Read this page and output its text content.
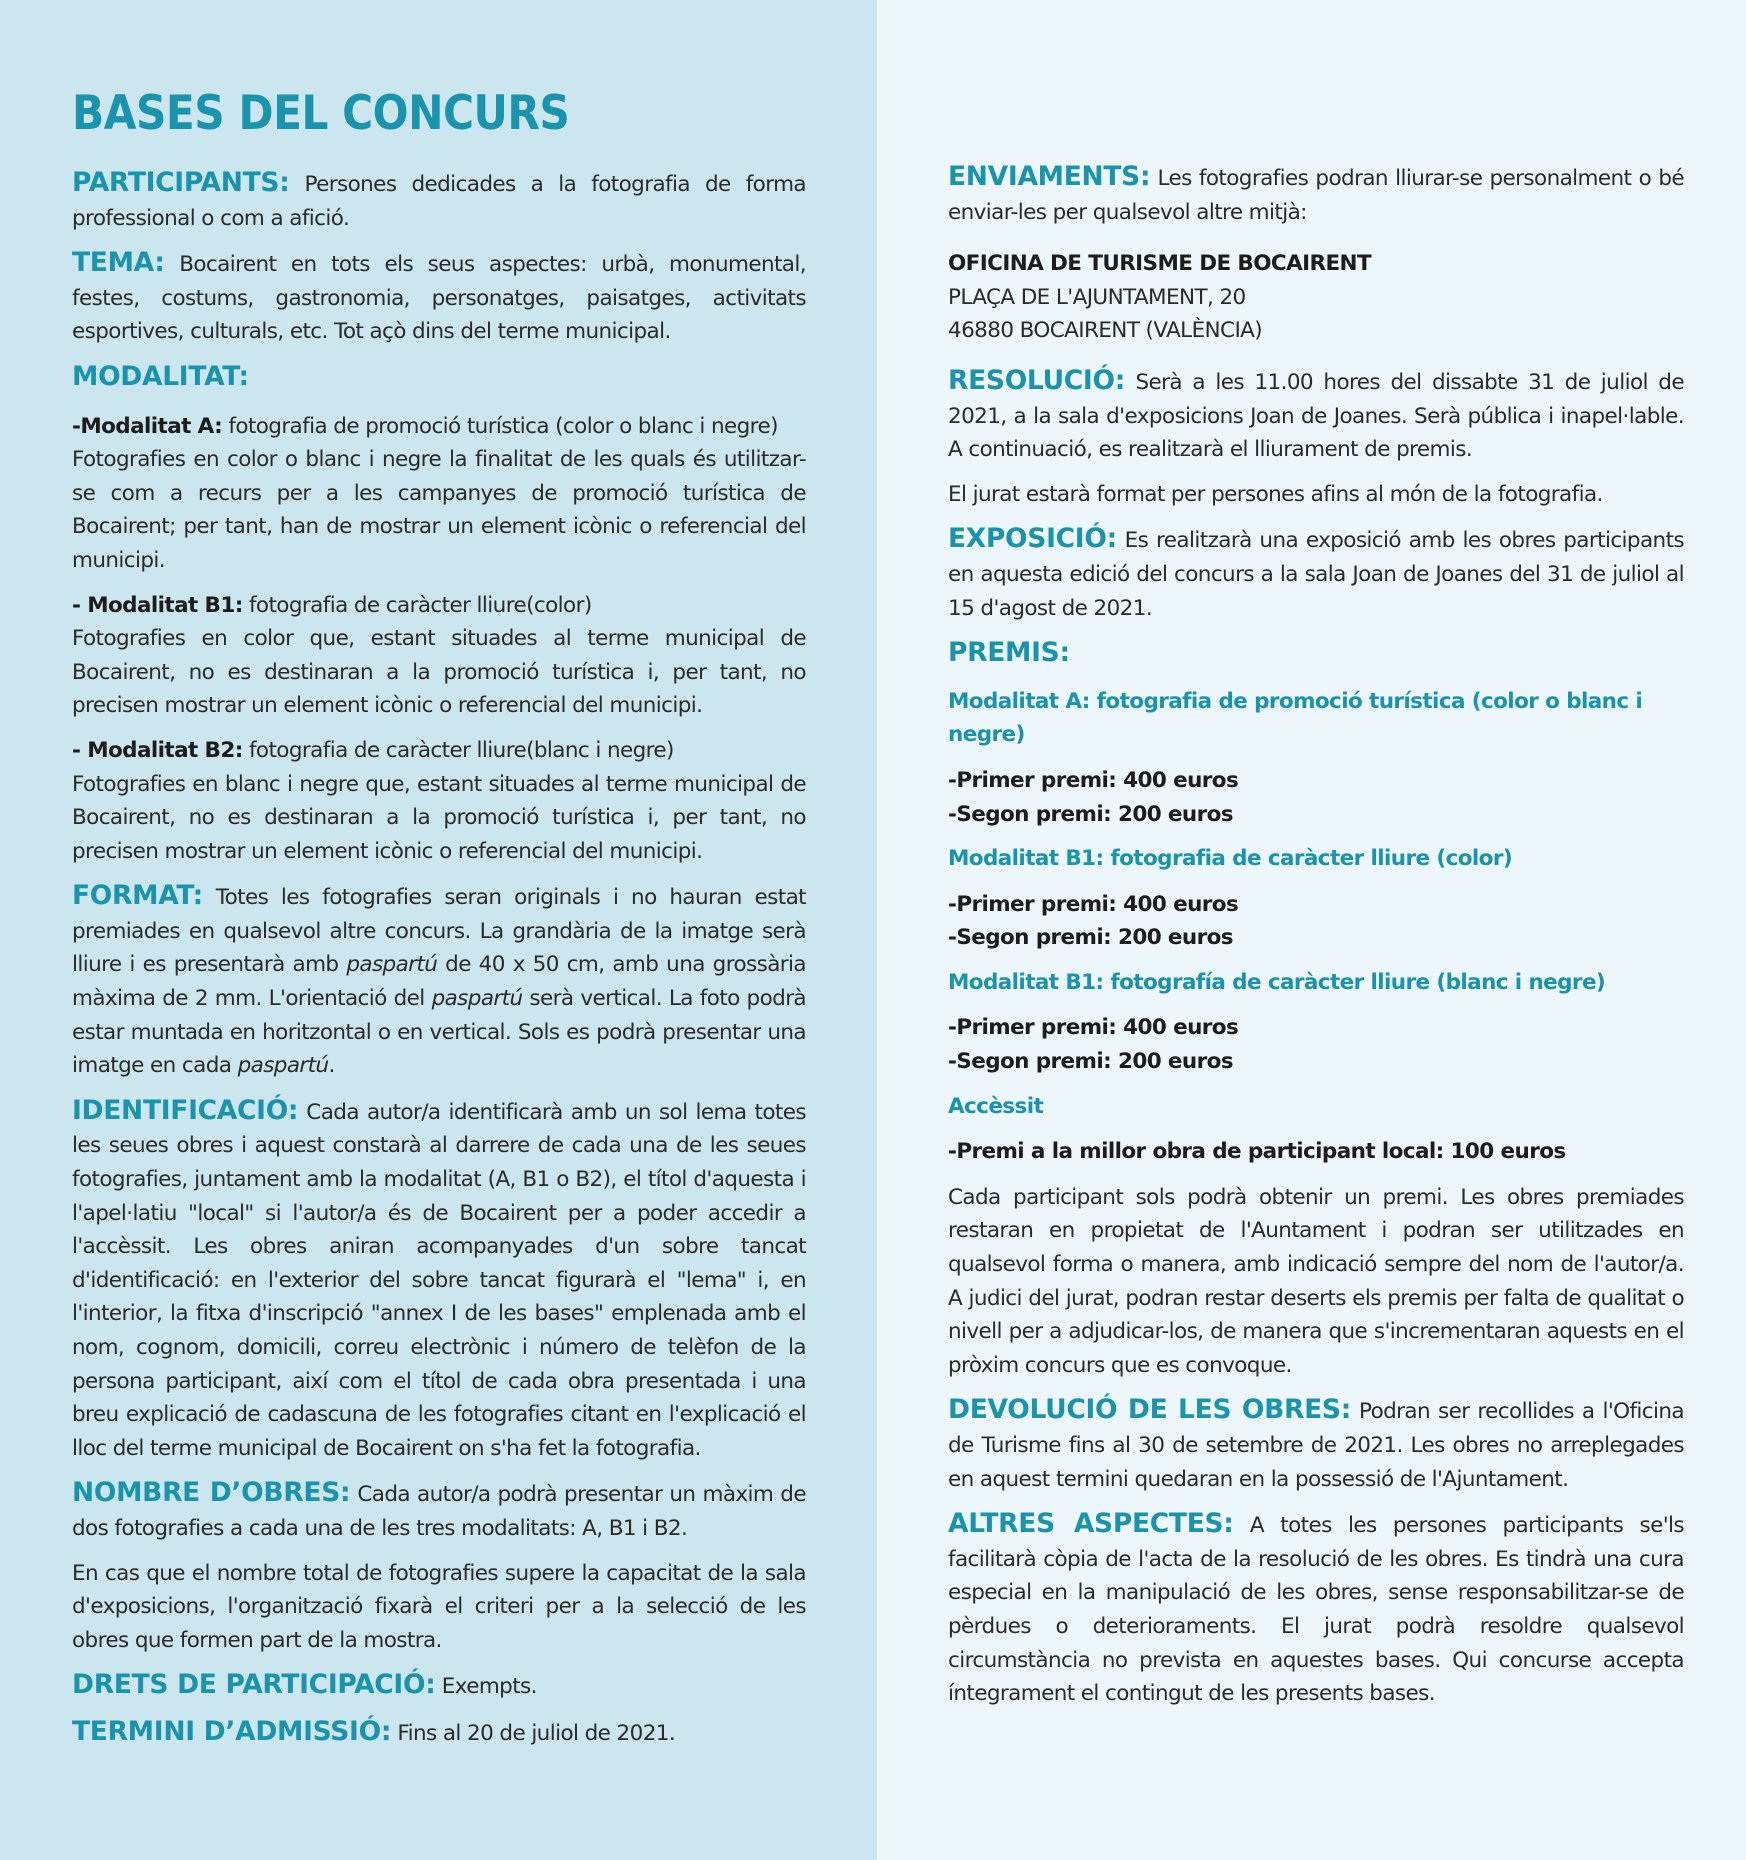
BASES DEL CONCURS

PARTICIPANTS: Persones dedicades a la fotografia de forma professional o com a afició.

TEMA: Bocairent en tots els seus aspectes: urbà, monumental, festes, costums, gastronomia, personatges, paisatges, activitats esportives, culturals, etc. Tot açò dins del terme municipal.

MODALITAT:

-Modalitat A: fotografia de promoció turística (color o blanc i negre)

Fotografies en color o blanc i negre la finalitat de les quals és utilitzar-se com a recurs per a les campanyes de promoció turística de Bocairent; per tant, han de mostrar un element icònic o referencial del municipi.

- Modalitat B1: fotografia de caràcter lliure(color)

Fotografies en color que, estant situades al terme municipal de Bocairent, no es destinaran a la promoció turística i, per tant, no precisen mostrar un element icònic o referencial del municipi.

- Modalitat B2: fotografia de caràcter lliure(blanc i negre)

Fotografies en blanc i negre que, estant situades al terme municipal de Bocairent, no es destinaran a la promoció turística i, per tant, no precisen mostrar un element icònic o referencial del municipi.

FORMAT: Totes les fotografies seran originals i no hauran estat premiades en qualsevol altre concurs. La grandària de la imatge serà lliure i es presentarà amb paspartú de 40 x 50 cm, amb una grossària màxima de 2 mm. L'orientació del paspartú serà vertical. La foto podrà estar muntada en horitzontal o en vertical. Sols es podrà presentar una imatge en cada paspartú.

IDENTIFICACIÓ: Cada autor/a identificarà amb un sol lema totes les seues obres i aquest constarà al darrere de cada una de les seues fotografies, juntament amb la modalitat (A, B1 o B2), el títol d'aquesta i l'apel·latiu "local" si l'autor/a és de Bocairent per a poder accedir a l'accèssit. Les obres aniran acompanyades d'un sobre tancat d'identificació: en l'exterior del sobre tancat figurarà el "lema" i, en l'interior, la fitxa d'inscripció "annex I de les bases" emplenada amb el nom, cognom, domicili, correu electrònic i número de telèfon de la persona participant, així com el títol de cada obra presentada i una breu explicació de cadascuna de les fotografies citant en l'explicació el lloc del terme municipal de Bocairent on s'ha fet la fotografia.

NOMBRE D’OBRES: Cada autor/a podrà presentar un màxim de dos fotografies a cada una de les tres modalitats: A, B1 i B2.

En cas que el nombre total de fotografies supere la capacitat de la sala d'exposicions, l'organització fixarà el criteri per a la selecció de les obres que formen part de la mostra.

DRETS DE PARTICIPACIÓ: Exempts.

TERMINI D’ADMISSIÓ: Fins al 20 de juliol de 2021.

ENVIAMENTS: Les fotografies podran lliurar-se personalment o bé enviar-les per qualsevol altre mitjà:

OFICINA DE TURISME DE BOCAIRENT
PLAÇA DE L'AJUNTAMENT, 20
46880 BOCAIRENT (VALÈNCIA)

RESOLUCIÓ: Serà a les 11.00 hores del dissabte 31 de juliol de 2021, a la sala d'exposicions Joan de Joanes. Serà pública i inapel·lable. A continuació, es realitzarà el lliurament de premis.

El jurat estarà format per persones afins al món de la fotografia.

EXPOSICIÓ: Es realitzarà una exposició amb les obres participants en aquesta edició del concurs a la sala Joan de Joanes del 31 de juliol al 15 d'agost de 2021.

PREMIS:

Modalitat A: fotografia de promoció turística (color o blanc i negre)

-Primer premi: 400 euros

-Segon premi: 200 euros

Modalitat B1: fotografia de caràcter lliure (color)

-Primer premi: 400 euros

-Segon premi: 200 euros

Modalitat B1: fotografía de caràcter lliure (blanc i negre)

-Primer premi: 400 euros

-Segon premi: 200 euros

Accèssit

-Premi a la millor obra de participant local: 100 euros

Cada participant sols podrà obtenir un premi. Les obres premiades restaran en propietat de l'Auntament i podran ser utilitzades en qualsevol forma o manera, amb indicació sempre del nom de l'autor/a. A judici del jurat, podran restar deserts els premis per falta de qualitat o nivell per a adjudicar-los, de manera que s'incrementaran aquests en el pròxim concurs que es convoque.

DEVOLUCIÓ DE LES OBRES: Podran ser recollides a l'Oficina de Turisme fins al 30 de setembre de 2021. Les obres no arreplegades en aquest termini quedaran en la possessió de l'Ajuntament.

ALTRES ASPECTES: A totes les persones participants se'ls facilitarà còpia de l'acta de la resolució de les obres. Es tindrà una cura especial en la manipulació de les obres, sense responsabilitzar-se de pèrdues o deterioraments. El jurat podrà resoldre qualsevol circumstància no prevista en aquestes bases. Qui concurse accepta íntegrament el contingut de les presents bases.
